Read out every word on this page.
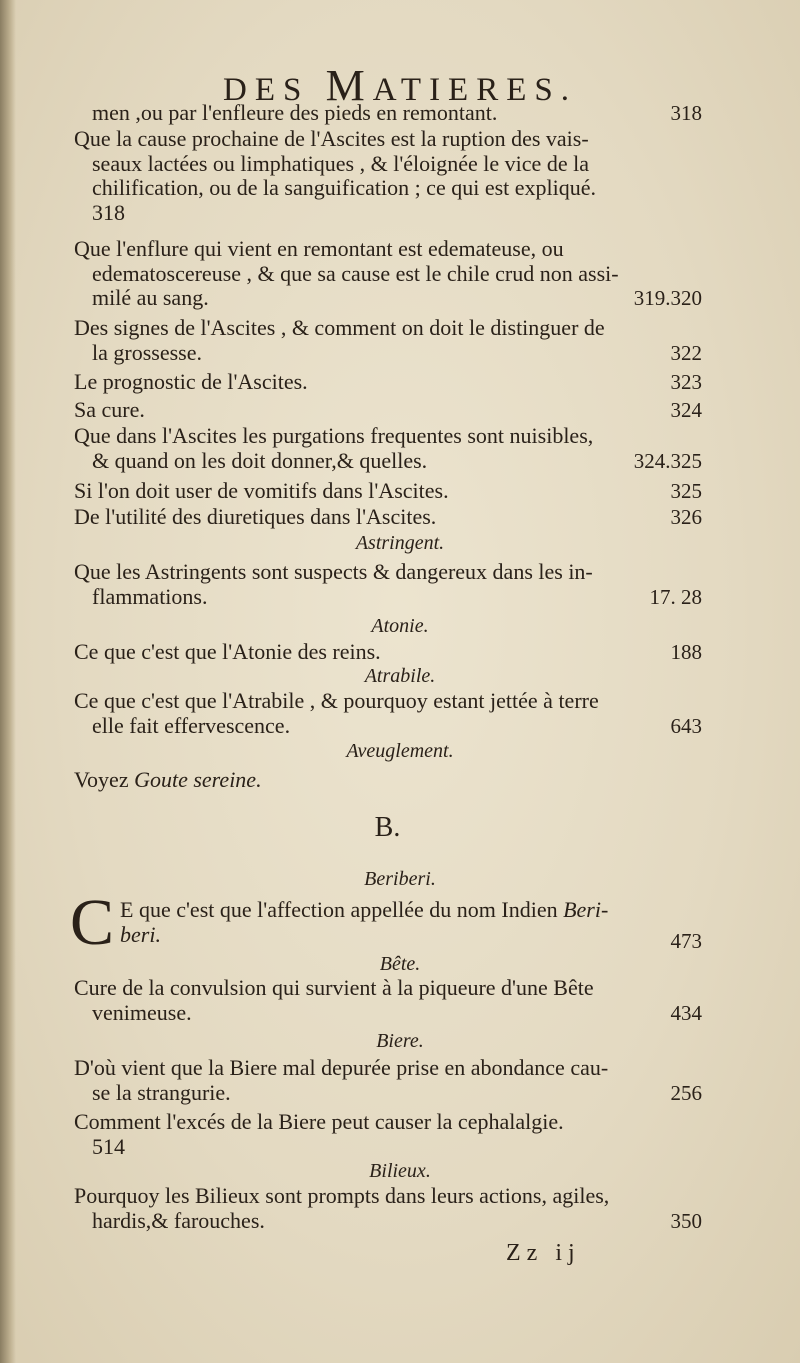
DES MATIERES.
men ,ou par l'enfleure des pieds en remontant.	318
Que la cause prochaine de l'Ascites est la ruption des vais-
seaux lactées ou limphatiques , & l'éloignée le vice de la
chilification, ou de la sanguification ; ce qui est expliqué.
318
Que l'enflure qui vient en remontant est edemateuse, ou
edematoscereuse , & que sa cause est le chile crud non assi-
milé au sang.	319.320
Des signes de l'Ascites , & comment on doit le distinguer de
la grossesse.	322
Le prognostic de l'Ascites.	323
Sa cure.	324
Que dans l'Ascites les purgations frequentes sont nuisibles,
& quand on les doit donner,& quelles.	324.325
Si l'on doit user de vomitifs dans l'Ascites.	325
De l'utilité des diuretiques dans l'Ascites.	326
Astringent.
Que les Astringents sont suspects & dangereux dans les in-
flammations.	17. 28
Atonie.
Ce que c'est que l'Atonie des reins.	188
Atrabile.
Ce que c'est que l'Atrabile , & pourquoy estant jettée à terre
elle fait effervescence.	643
Aveuglement.
Voyez Goute sereine.
B.
Beriberi.
C E que c'est que l'affection appellée du nom Indien Beri-
beri.	473
Bête.
Cure de la convulsion qui survient à la piqueure d'une Bête
venimeuse.	434
Biere.
D'où vient que la Biere mal depurée prise en abondance cau-
se la strangurie.	256
Comment l'excés de la Biere peut causer la cephalalgie.
514
Bilieux.
Pourquoy les Bilieux sont prompts dans leurs actions, agiles,
hardis,& farouches.	350
Zz ij
